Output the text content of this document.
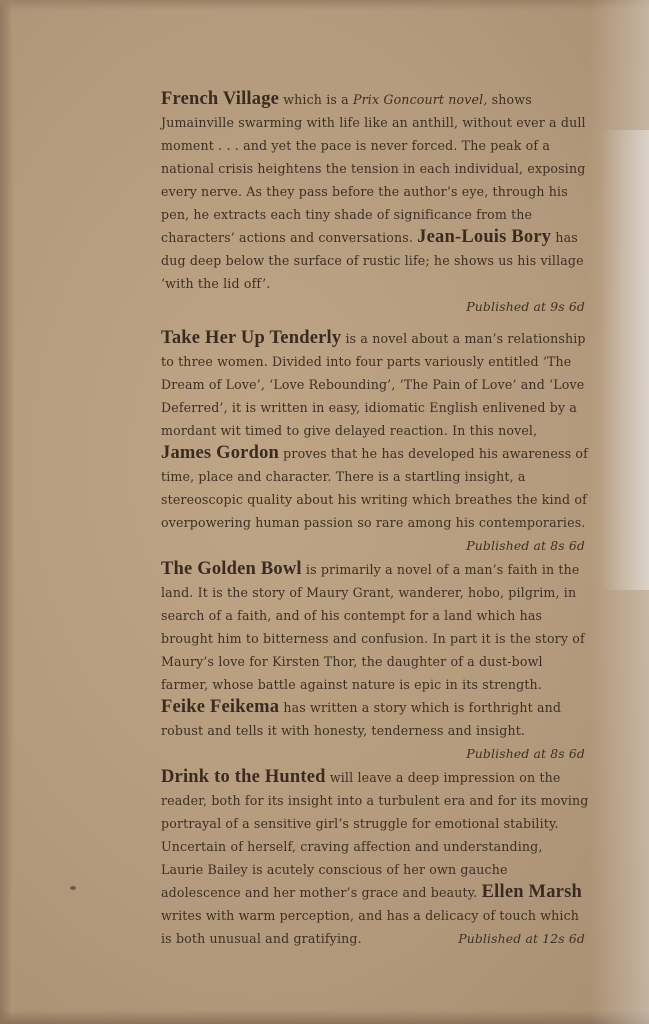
French Village which is a Prix Goncourt novel, shows Jumainville swarming with life like an anthill, without ever a dull moment . . . and yet the pace is never forced. The peak of a national crisis heightens the tension in each individual, exposing every nerve. As they pass before the author’s eye, through his pen, he extracts each tiny shade of significance from the characters’ actions and conversations. Jean-Louis Bory has dug deep below the surface of rustic life; he shows us his village ‘with the lid off’.

Published at 9s 6d

Take Her Up Tenderly is a novel about a man’s relationship to three women. Divided into four parts variously entitled ‘The Dream of Love’, ‘Love Rebounding’, ‘The Pain of Love’ and ‘Love Deferred’, it is written in easy, idiomatic English enlivened by a mordant wit timed to give delayed reaction. In this novel, James Gordon proves that he has developed his awareness of time, place and character. There is a startling insight, a stereoscopic quality about his writing which breathes the kind of overpowering human passion so rare among his contemporaries.
Published at 8s 6d

The Golden Bowl is primarily a novel of a man’s faith in the land. It is the story of Maury Grant, wanderer, hobo, pilgrim, in search of a faith, and of his contempt for a land which has brought him to bitterness and confusion. In part it is the story of Maury’s love for Kirsten Thor, the daughter of a dust-bowl farmer, whose battle against nature is epic in its strength. Feike Feikema has written a story which is forthright and robust and tells it with honesty, tenderness and insight.
Published at 8s 6d

Drink to the Hunted will leave a deep impression on the reader, both for its insight into a turbulent era and for its moving portrayal of a sensitive girl’s struggle for emotional stability. Uncertain of herself, craving affection and understanding, Laurie Bailey is acutely conscious of her own gauche adolescence and her mother’s grace and beauty. Ellen Marsh writes with warm perception, and has a delicacy of touch which is both unusual and gratifying.	Published at 12s 6d
